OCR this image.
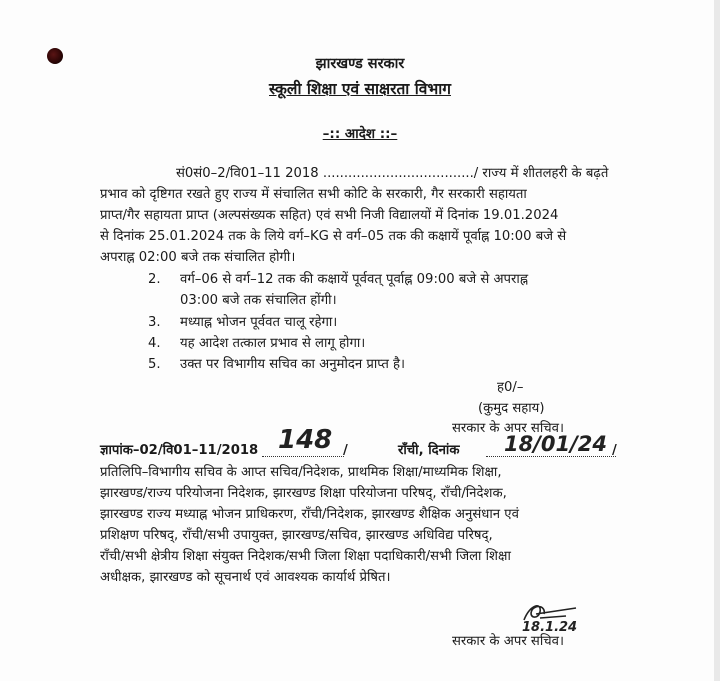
झारखण्ड सरकार
स्कूली शिक्षा एवं साक्षरता विभाग
–:: आदेश ::–
सं0सं0–2/वि01–11 2018 ..................................../ राज्य में शीतलहरी के बढ़ते
प्रभाव को दृष्टिगत रखते हुए राज्य में संचालित सभी कोटि के सरकारी, गैर सरकारी सहायता
प्राप्त/गैर सहायता प्राप्त (अल्पसंख्यक सहित) एवं सभी निजी विद्यालयों में दिनांक 19.01.2024
से दिनांक 25.01.2024 तक के लिये वर्ग–KG से वर्ग–05 तक की कक्षायें पूर्वाह्न 10:00 बजे से
अपराह्न 02:00 बजे तक संचालित होगी।
2. वर्ग–06 से वर्ग–12 तक की कक्षायें पूर्ववत् पूर्वाह्न 09:00 बजे से अपराह्न
03:00 बजे तक संचालित होंगी।
3. मध्याह्न भोजन पूर्ववत चालू रहेगा।
4. यह आदेश तत्काल प्रभाव से लागू होगा।
5. उक्त पर विभागीय सचिव का अनुमोदन प्राप्त है।
ह0/–
(कुमुद सहाय)
सरकार के अपर सचिव।
ज्ञापांक–02/वि01–11/2018 148 /	राँची, दिनांक 18/01/24 /
प्रतिलिपि–विभागीय सचिव के आप्त सचिव/निदेशक, प्राथमिक शिक्षा/माध्यमिक शिक्षा,
झारखण्ड/राज्य परियोजना निदेशक, झारखण्ड शिक्षा परियोजना परिषद्, राँची/निदेशक,
झारखण्ड राज्य मध्याह्न भोजन प्राधिकरण, राँची/निदेशक, झारखण्ड शैक्षिक अनुसंधान एवं
प्रशिक्षण परिषद्, राँची/सभी उपायुक्त, झारखण्ड/सचिव, झारखण्ड अधिविद्य परिषद्,
राँची/सभी क्षेत्रीय शिक्षा संयुक्त निदेशक/सभी जिला शिक्षा पदाधिकारी/सभी जिला शिक्षा
अधीक्षक, झारखण्ड को सूचनार्थ एवं आवश्यक कार्यार्थ प्रेषित।
18.1.24
सरकार के अपर सचिव।
